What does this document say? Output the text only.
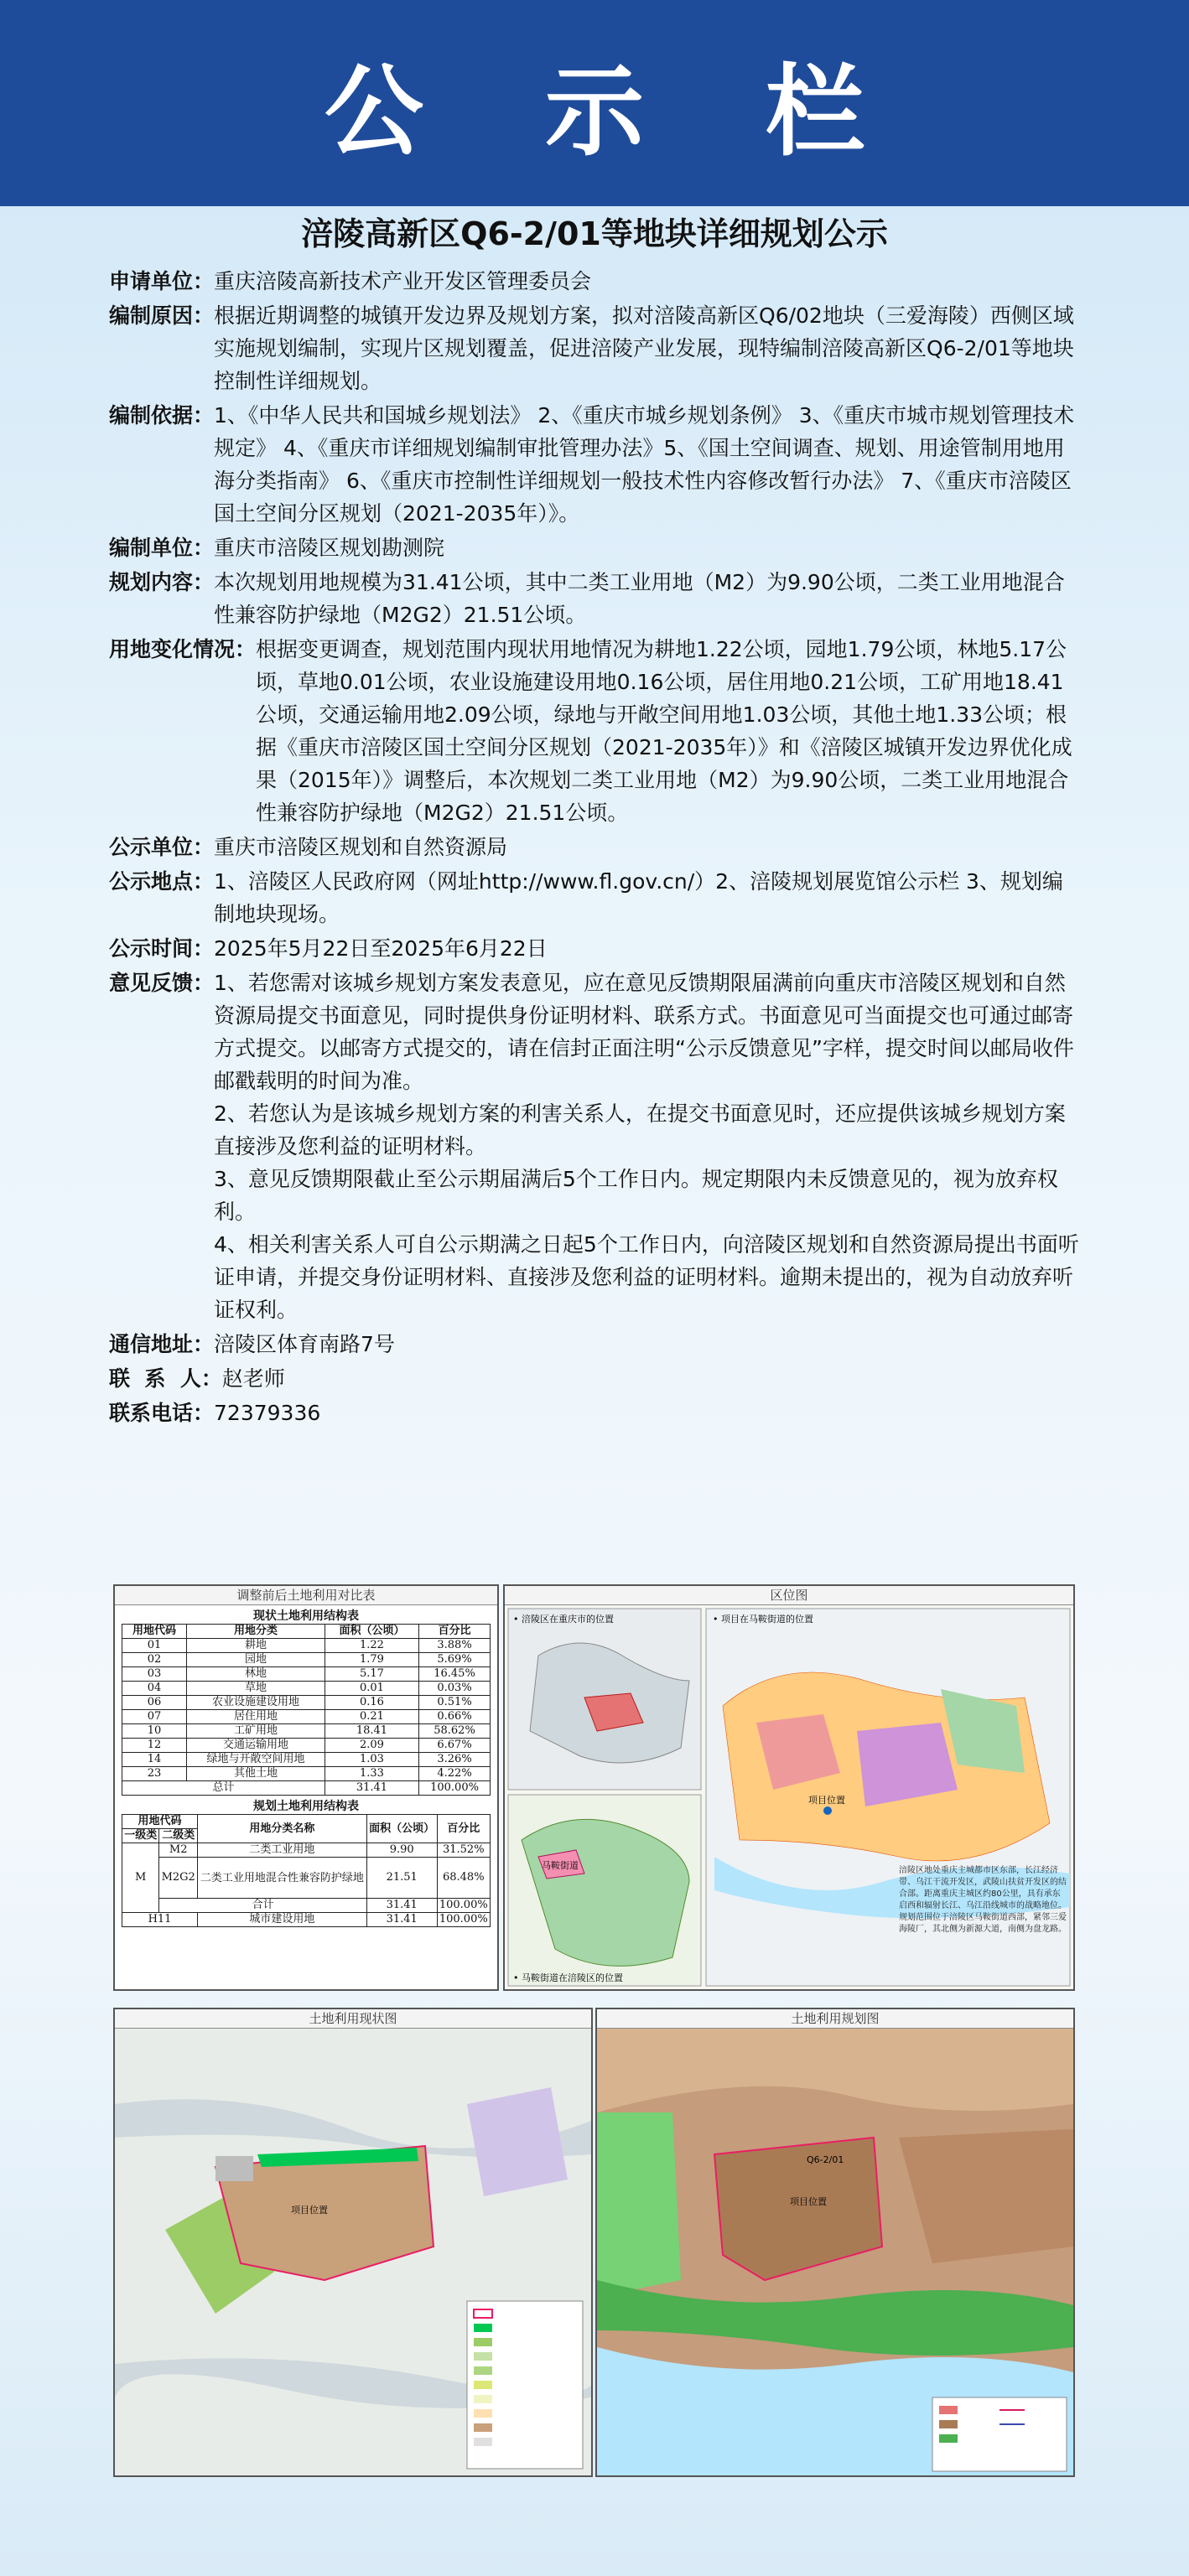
公 示 栏
涪陵高新区Q6-2/01等地块详细规划公示
申请单位： 重庆涪陵高新技术产业开发区管理委员会
编制原因： 根据近期调整的城镇开发边界及规划方案，拟对涪陵高新区Q6/02地块（三爱海陵）西侧区域实施规划编制，实现片区规划覆盖，促进涪陵产业发展，现特编制涪陵高新区Q6-2/01等地块控制性详细规划。
编制依据： 1、《中华人民共和国城乡规划法》 2、《重庆市城乡规划条例》 3、《重庆市城市规划管理技术规定》 4、《重庆市详细规划编制审批管理办法》5、《国土空间调查、规划、用途管制用地用海分类指南》 6、《重庆市控制性详细规划一般技术性内容修改暂行办法》 7、《重庆市涪陵区国土空间分区规划（2021-2035年）》。
编制单位： 重庆市涪陵区规划勘测院
规划内容： 本次规划用地规模为31.41公顷，其中二类工业用地（M2）为9.90公顷，二类工业用地混合性兼容防护绿地（M2G2）21.51公顷。
用地变化情况： 根据变更调查，规划范围内现状用地情况为耕地1.22公顷，园地1.79公顷，林地5.17公顷，草地0.01公顷，农业设施建设用地0.16公顷，居住用地0.21公顷，工矿用地18.41公顷，交通运输用地2.09公顷，绿地与开敞空间用地1.03公顷，其他土地1.33公顷；根据《重庆市涪陵区国土空间分区规划（2021-2035年）》和《涪陵区城镇开发边界优化成果（2015年）》调整后，本次规划二类工业用地（M2）为9.90公顷，二类工业用地混合性兼容防护绿地（M2G2）21.51公顷。
公示单位： 重庆市涪陵区规划和自然资源局
公示地点： 1、涪陵区人民政府网（网址http://www.fl.gov.cn/）2、涪陵规划展览馆公示栏 3、规划编制地块现场。
公示时间： 2025年5月22日至2025年6月22日
意见反馈： 1、若您需对该城乡规划方案发表意见，应在意见反馈期限届满前向重庆市涪陵区规划和自然资源局提交书面意见，同时提供身份证明材料、联系方式。书面意见可当面提交也可通过邮寄方式提交。以邮寄方式提交的，请在信封正面注明“公示反馈意见”字样，提交时间以邮局收件邮戳载明的时间为准。
2、若您认为是该城乡规划方案的利害关系人，在提交书面意见时，还应提供该城乡规划方案直接涉及您利益的证明材料。
3、意见反馈期限截止至公示期届满后5个工作日内。规定期限内未反馈意见的，视为放弃权利。
4、相关利害关系人可自公示期满之日起5个工作日内，向涪陵区规划和自然资源局提出书面听证申请，并提交身份证明材料、直接涉及您利益的证明材料。逾期未提出的，视为自动放弃听证权利。
通信地址： 涪陵区体育南路7号
联  系  人： 赵老师
联系电话： 72379336
调整前后土地利用对比表
现状土地利用结构表
用地代码	用地分类	面积（公顷）	百分比
01	耕地	1.22	3.88%
02	园地	1.79	5.69%
03	林地	5.17	16.45%
04	草地	0.01	0.03%
06	农业设施建设用地	0.16	0.51%
07	居住用地	0.21	0.66%
10	工矿用地	18.41	58.62%
12	交通运输用地	2.09	6.67%
14	绿地与开敞空间用地	1.03	3.26%
23	其他土地	1.33	4.22%
总计		31.41	100.00%
规划土地利用结构表
用地代码		用地分类名称	面积（公顷）	百分比
一级类	二级类			
M	M2	二类工业用地	9.90	31.52%
	M2G2	二类工业用地混合性兼容防护绿地	21.51	68.48%
	合计		31.41	100.00%
H11		城市建设用地	31.41	100.00%
区位图
• 涪陵区在重庆市的位置
马鞍街道
• 马鞍街道在涪陵区的位置
项目位置
• 项目在马鞍街道的位置
涪陵区地处重庆主城都市区东部，长江经济带、乌江干流开发区，武陵山扶贫开发区的结合部。距离重庆主城区约80公里，具有承东启西和辐射长江、乌江沿线城市的战略地位。规划范围位于涪陵区马鞍街道西部，紧邻三爱海陵厂，其北侧为新源大道，南侧为盘龙路。
土地利用现状图
项目位置
土地利用规划图
项目位置
Q6-2/01
